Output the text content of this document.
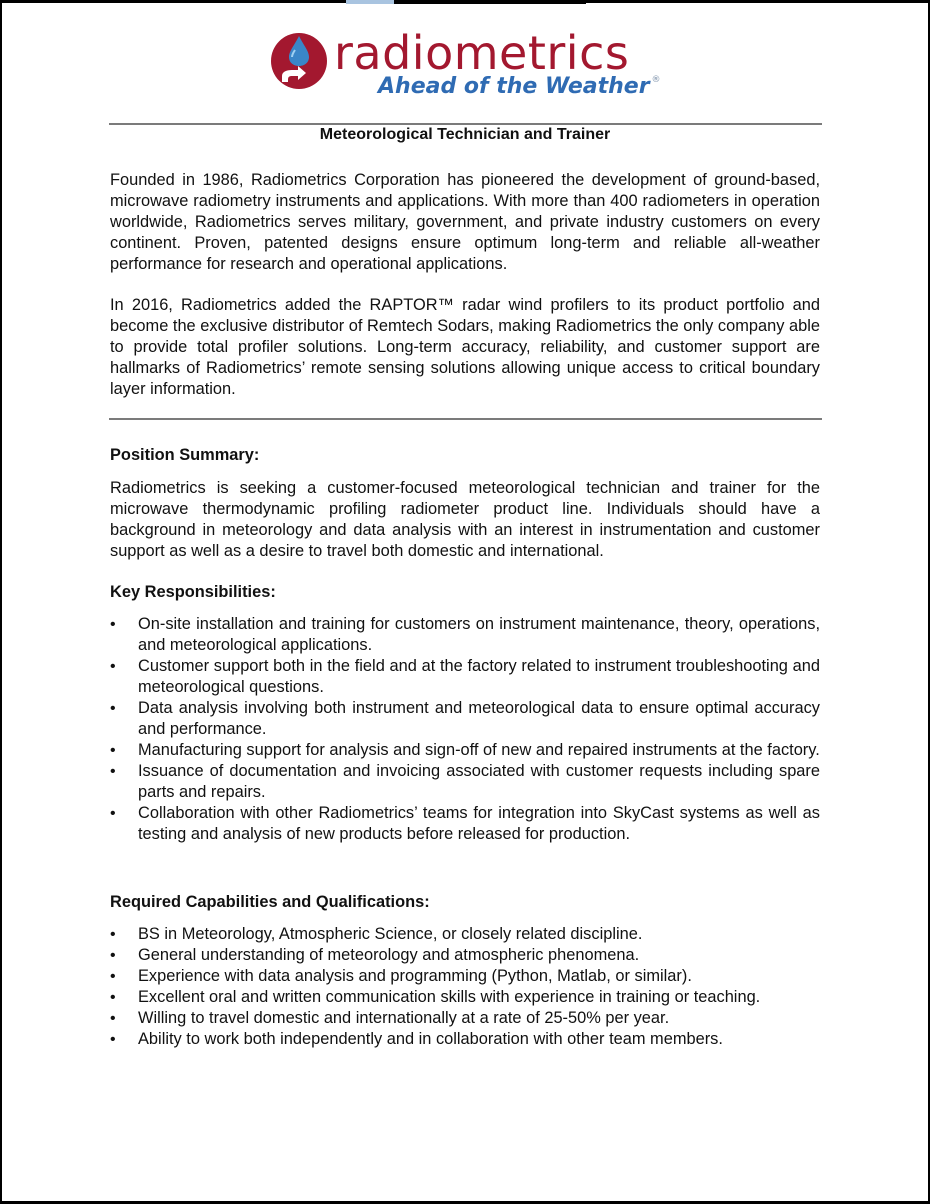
radiometrics
Ahead of the Weather ®
Meteorological Technician and Trainer

Founded in 1986, Radiometrics Corporation has pioneered the development of ground-based, microwave radiometry instruments and applications. With more than 400 radiometers in operation worldwide, Radiometrics serves military, government, and private industry customers on every continent. Proven, patented designs ensure optimum long-term and reliable all-weather performance for research and operational applications.

In 2016, Radiometrics added the RAPTOR™ radar wind profilers to its product portfolio and become the exclusive distributor of Remtech Sodars, making Radiometrics the only company able to provide total profiler solutions. Long-term accuracy, reliability, and customer support are hallmarks of Radiometrics’ remote sensing solutions allowing unique access to critical boundary layer information.

Position Summary:

Radiometrics is seeking a customer-focused meteorological technician and trainer for the microwave thermodynamic profiling radiometer product line. Individuals should have a background in meteorology and data analysis with an interest in instrumentation and customer support as well as a desire to travel both domestic and international.

Key Responsibilities:
• On-site installation and training for customers on instrument maintenance, theory, operations, and meteorological applications.
• Customer support both in the field and at the factory related to instrument troubleshooting and meteorological questions.
• Data analysis involving both instrument and meteorological data to ensure optimal accuracy and performance.
• Manufacturing support for analysis and sign-off of new and repaired instruments at the factory.
• Issuance of documentation and invoicing associated with customer requests including spare parts and repairs.
• Collaboration with other Radiometrics’ teams for integration into SkyCast systems as well as testing and analysis of new products before released for production.
Required Capabilities and Qualifications:
• BS in Meteorology, Atmospheric Science, or closely related discipline.
• General understanding of meteorology and atmospheric phenomena.
• Experience with data analysis and programming (Python, Matlab, or similar).
• Excellent oral and written communication skills with experience in training or teaching.
• Willing to travel domestic and internationally at a rate of 25-50% per year.
• Ability to work both independently and in collaboration with other team members.
